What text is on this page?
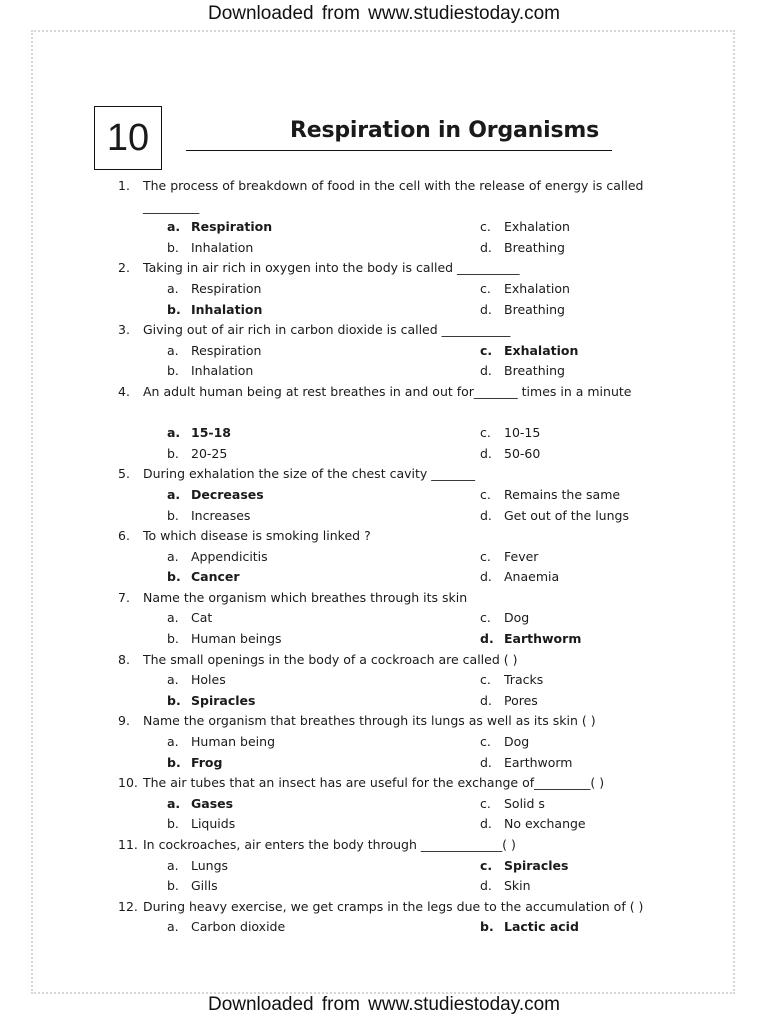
Downloaded from www.studiestoday.com
10	Respiration in Organisms
1. The process of breakdown of food in the cell with the release of energy is called
_________
a. Respiration	c. Exhalation
b. Inhalation	d. Breathing
2. Taking in air rich in oxygen into the body is called __________
a. Respiration	c. Exhalation
b. Inhalation	d. Breathing
3. Giving out of air rich in carbon dioxide is called ___________
a. Respiration	c. Exhalation
b. Inhalation	d. Breathing
4. An adult human being at rest breathes in and out for_______ times in a minute
a. 15-18	c. 10-15
b. 20-25	d. 50-60
5. During exhalation the size of the chest cavity _______
a. Decreases	c. Remains the same
b. Increases	d. Get out of the lungs
6. To which disease is smoking linked ?
a. Appendicitis	c. Fever
b. Cancer	d. Anaemia
7. Name the organism which breathes through its skin
a. Cat	c. Dog
b. Human beings	d. Earthworm
8. The small openings in the body of a cockroach are called ( )
a. Holes	c. Tracks
b. Spiracles	d. Pores
9. Name the organism that breathes through its lungs as well as its skin ( )
a. Human being	c. Dog
b. Frog	d. Earthworm
10. The air tubes that an insect has are useful for the exchange of_________( )
a. Gases	c. Solid s
b. Liquids	d. No exchange
11. In cockroaches, air enters the body through _____________( )
a. Lungs	c. Spiracles
b. Gills	d. Skin
12. During heavy exercise, we get cramps in the legs due to the accumulation of ( )
a. Carbon dioxide	b. Lactic acid
Downloaded from www.studiestoday.com
